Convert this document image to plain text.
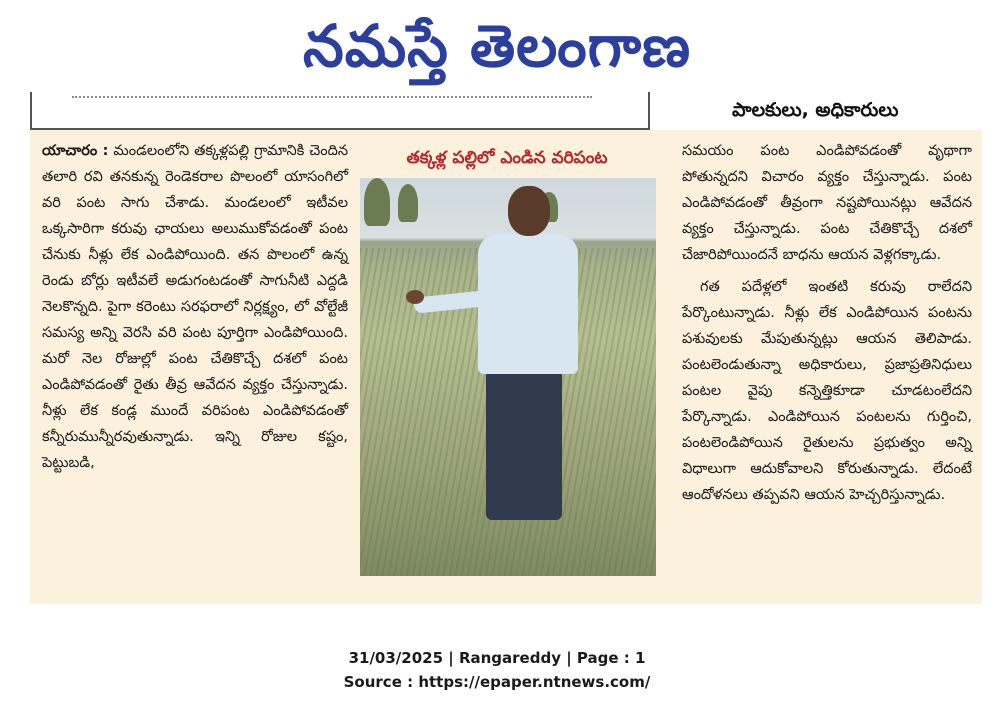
నమస్తే తెలంగాణ
పాలకులు, అధికారులు

యాచారం : మండలంలోని తక్కళ్లపల్లి గ్రామానికి చెందిన తలారి రవి తనకున్న రెండెకరాల పొలంలో యాసంగిలో వరి పంట సాగు చేశాడు. మండలంలో ఇటీవల ఒక్కసారిగా కరువు ఛాయలు అలుముకోవడంతో పంట చేనుకు నీళ్లు లేక ఎండిపోయింది. తన పొలంలో ఉన్న రెండు బోర్లు ఇటీవలే అడుగంటడంతో సాగునీటి ఎద్దడి నెలకొన్నది. పైగా కరెంటు సరఫరాలో నిర్లక్ష్యం, లో వోల్టేజీ సమస్య అన్ని వెరసి వరి పంట పూర్తిగా ఎండిపోయింది. మరో నెల రోజుల్లో పంట చేతికొచ్చే దశలో పంట ఎండిపోవడంతో రైతు తీవ్ర ఆవేదన వ్యక్తం చేస్తున్నాడు. నీళ్లు లేక కండ్ల ముందే వరిపంట ఎండిపోవడంతో కన్నీరుమున్నీరవుతున్నాడు. ఇన్ని రోజుల కష్టం, పెట్టుబడి,

తక్కళ్ల పల్లిలో ఎండిన వరిపంట	సమయం పంట ఎండిపోవడంతో వృథాగా పోతున్నదని విచారం వ్యక్తం చేస్తున్నాడు. పంట ఎండిపోవడంతో తీవ్రంగా నష్టపోయినట్లు ఆవేదన వ్యక్తం చేస్తున్నాడు. పంట చేతికొచ్చే దశలో చేజారిపోయిందనే బాధను ఆయన వెళ్లగక్కాడు.

గత పదేళ్లలో ఇంతటి కరువు రాలేదని పేర్కొంటున్నాడు. నీళ్లు లేక ఎండిపోయిన పంటను పశువులకు మేపుతున్నట్లు ఆయన తెలిపాడు. పంటలెండుతున్నా అధికారులు, ప్రజాప్రతినిధులు పంటల వైపు కన్నెత్తికూడా చూడటంలేదని పేర్కొన్నాడు. ఎండిపోయిన పంటలను గుర్తించి, పంటలెండిపోయిన రైతులను ప్రభుత్వం అన్ని విధాలుగా ఆదుకోవాలని కోరుతున్నాడు. లేదంటే ఆందోళనలు తప్పవని ఆయన హెచ్చరిస్తున్నాడు.

31/03/2025 | Rangareddy | Page : 1
Source : https://epaper.ntnews.com/
